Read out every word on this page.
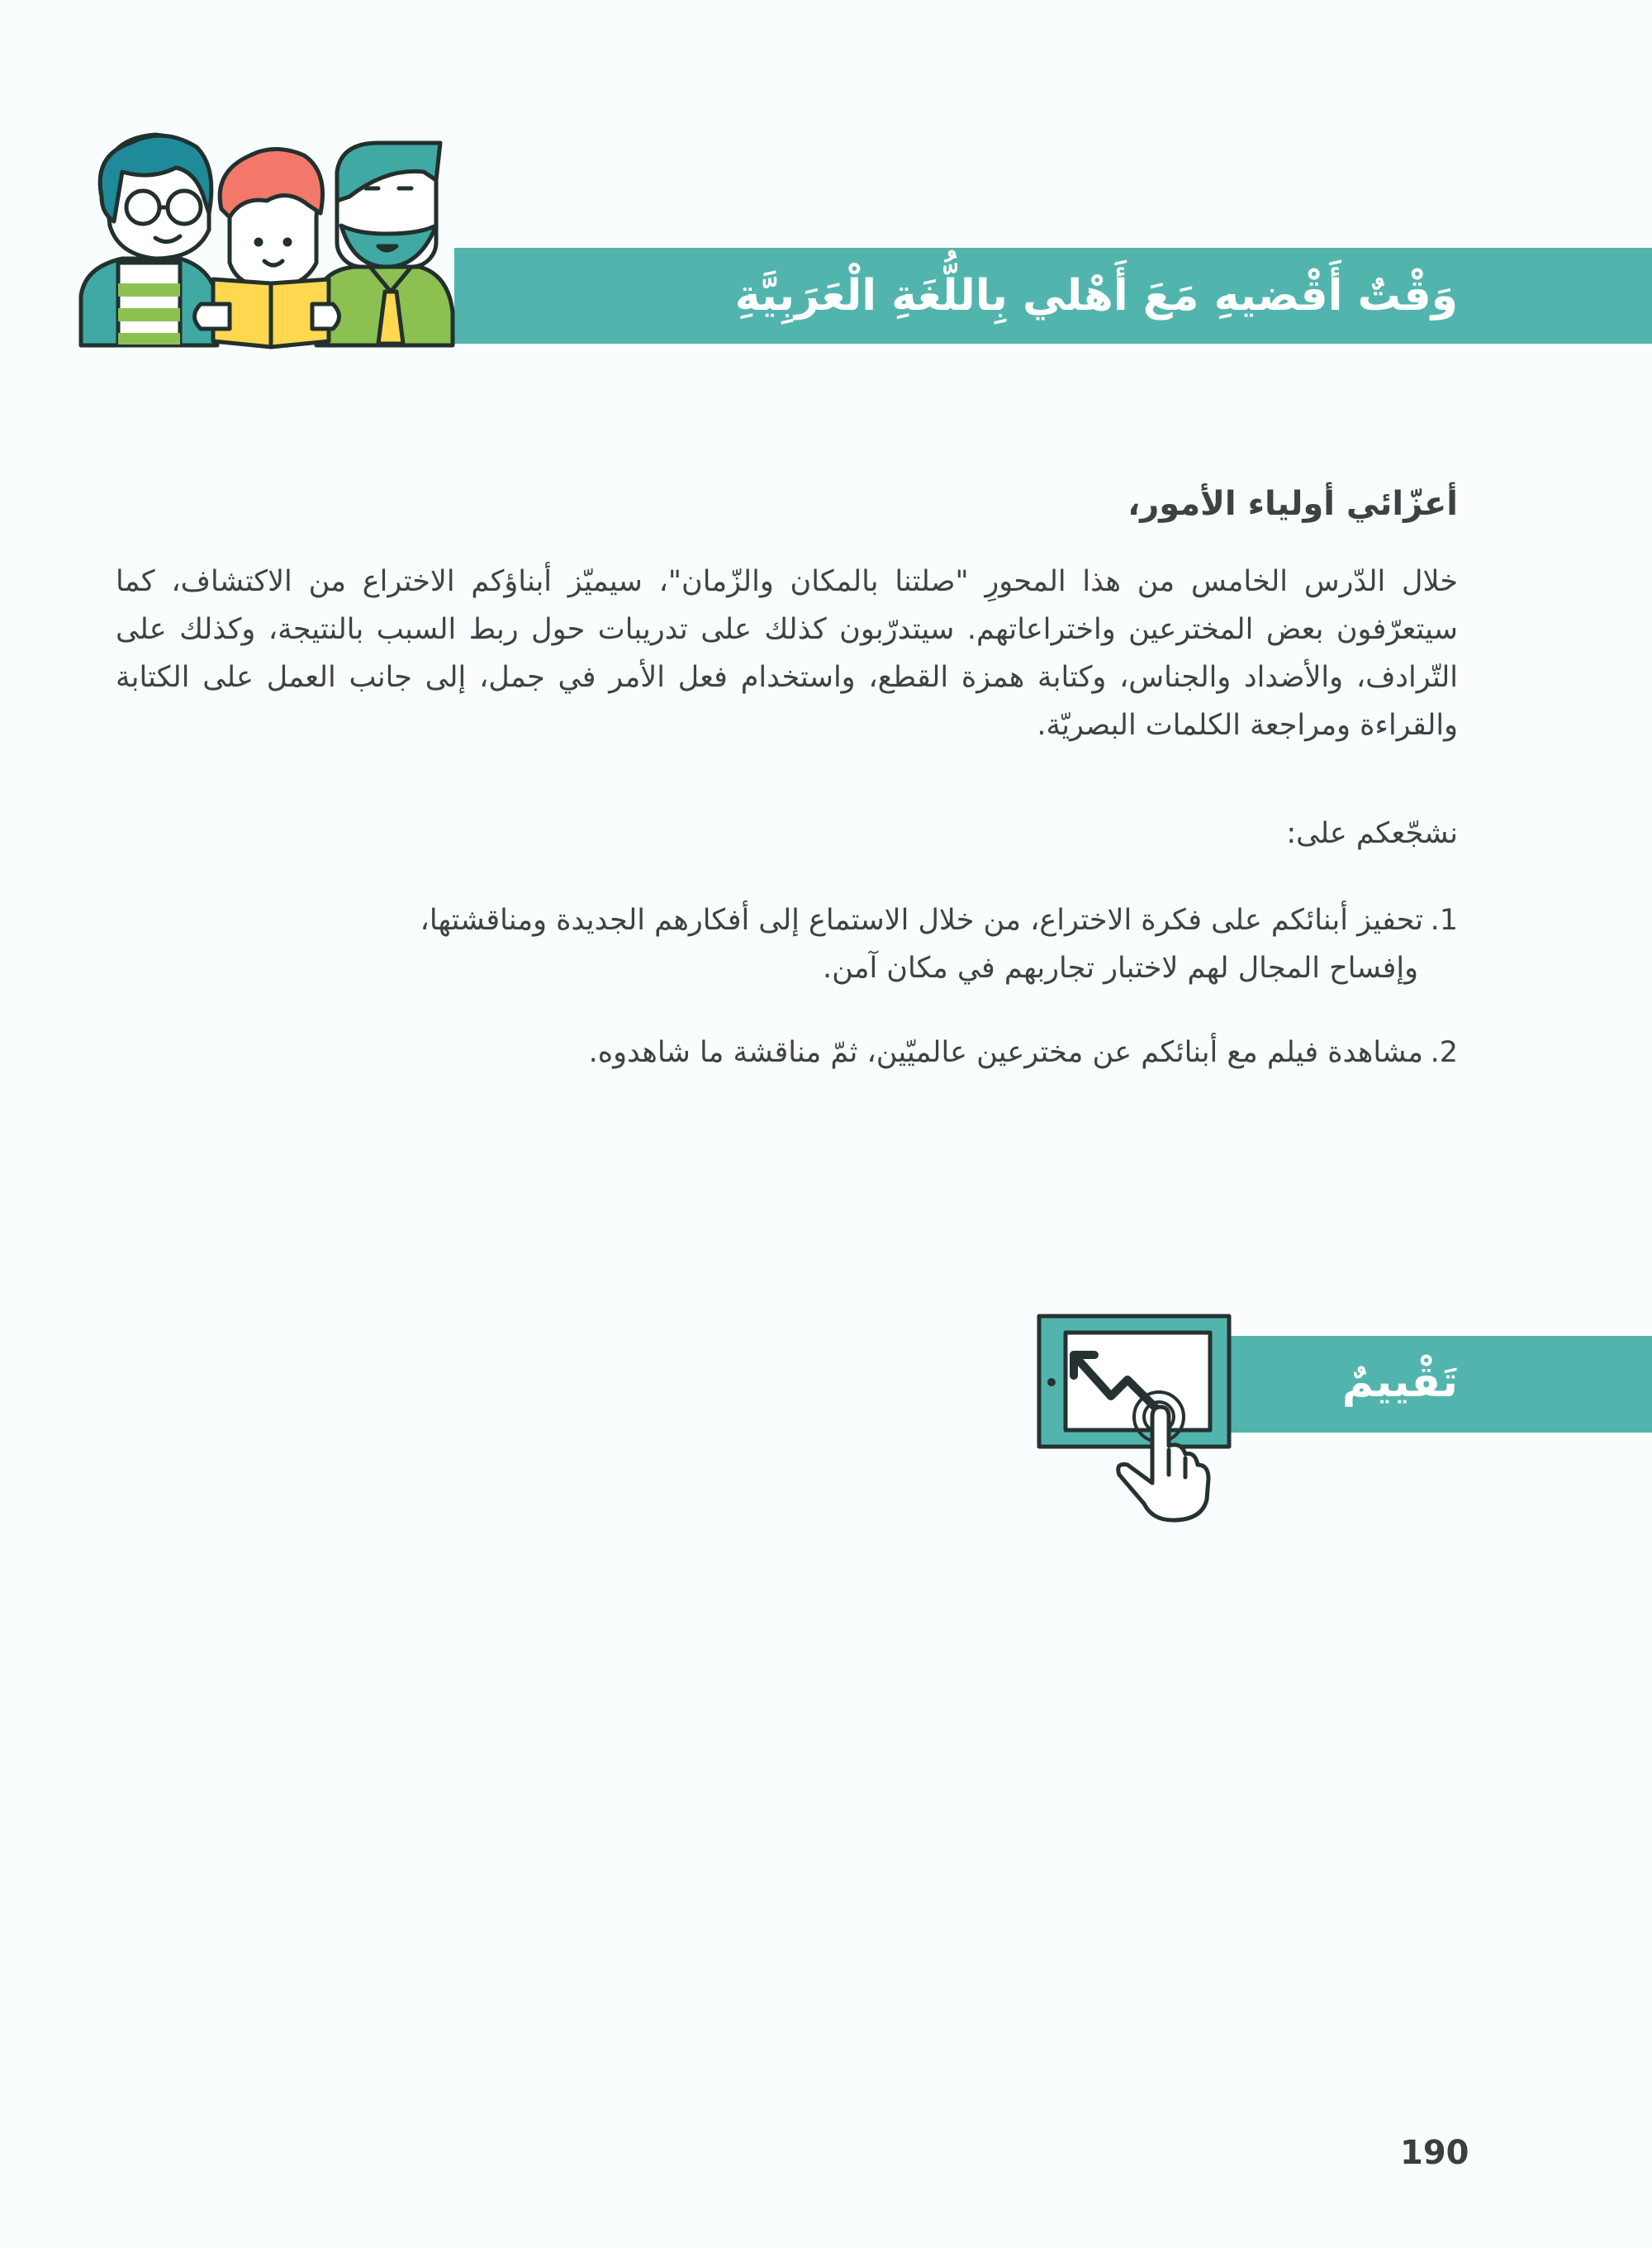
وَقْتٌ أَقْضيهِ مَعَ أَهْلي بِاللُّغَةِ الْعَرَبِيَّةِ
أعزّائي أولياء الأمور،
خلال الدّرس الخامس من هذا المحورِ "صلتنا بالمكان والزّمان"، سيميّز أبناؤكم الاختراع من الاكتشاف، كما سيتعرّفون بعض المخترعين واختراعاتهم. سيتدرّبون كذلك على تدريبات حول ربط السبب بالنتيجة، وكذلك على التّرادف، والأضداد والجناس، وكتابة همزة القطع، واستخدام فعل الأمر في جمل، إلى جانب العمل على الكتابة والقراءة ومراجعة الكلمات البصريّة.
نشجّعكم على:
1.تحفيز أبنائكم على فكرة الاختراع، من خلال الاستماع إلى أفكارهم الجديدة ومناقشتها،
وإفساح المجال لهم لاختبار تجاربهم في مكان آمن.
2.مشاهدة فيلم مع أبنائكم عن مخترعين عالميّين، ثمّ مناقشة ما شاهدوه.
تَقْييمٌ
190
